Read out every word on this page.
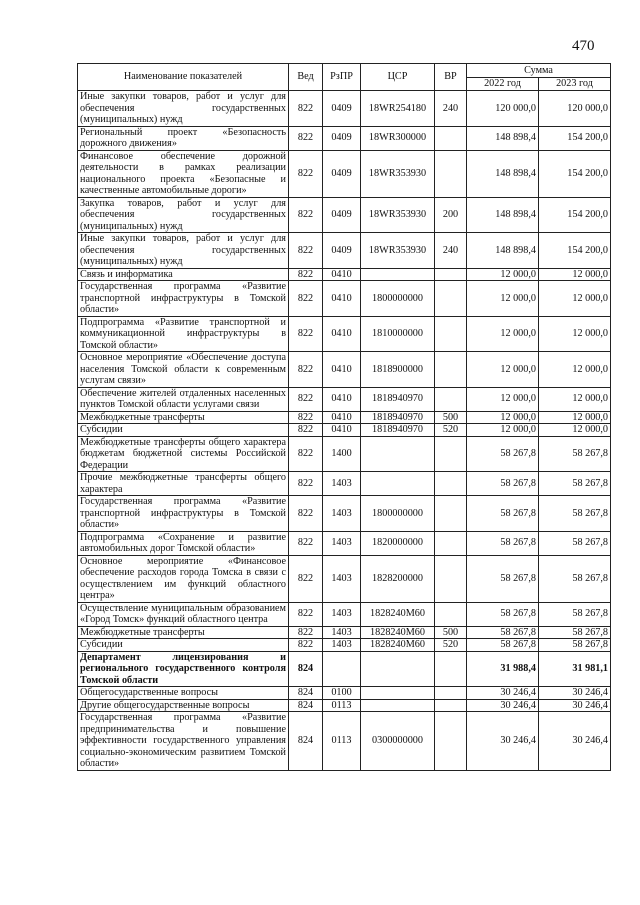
470
Наименование показателей	Вед	РзПР	ЦСР	ВР	Сумма	
					2022 год	2023 год
Иные закупки товаров, работ и услуг для обеспечения государственных (муниципальных) нужд	822	0409	18WR254180	240	120 000,0	120 000,0
Региональный проект «Безопасность дорожного движения»	822	0409	18WR300000		148 898,4	154 200,0
Финансовое обеспечение дорожной деятельности в рамках реализации национального проекта «Безопасные и качественные автомобильные дороги»	822	0409	18WR353930		148 898,4	154 200,0
Закупка товаров, работ и услуг для обеспечения государственных (муниципальных) нужд	822	0409	18WR353930	200	148 898,4	154 200,0
Иные закупки товаров, работ и услуг для обеспечения государственных (муниципальных) нужд	822	0409	18WR353930	240	148 898,4	154 200,0
Связь и информатика	822	0410			12 000,0	12 000,0
Государственная программа «Развитие транспортной инфраструктуры в Томской области»	822	0410	1800000000		12 000,0	12 000,0
Подпрограмма «Развитие транспортной и коммуникационной инфраструктуры в Томской области»	822	0410	1810000000		12 000,0	12 000,0
Основное мероприятие «Обеспечение доступа населения Томской области к современным услугам связи»	822	0410	1818900000		12 000,0	12 000,0
Обеспечение жителей отдаленных населенных пунктов Томской области услугами связи	822	0410	1818940970		12 000,0	12 000,0
Межбюджетные трансферты	822	0410	1818940970	500	12 000,0	12 000,0
Субсидии	822	0410	1818940970	520	12 000,0	12 000,0
Межбюджетные трансферты общего характера бюджетам бюджетной системы Российской Федерации	822	1400			58 267,8	58 267,8
Прочие межбюджетные трансферты общего характера	822	1403			58 267,8	58 267,8
Государственная программа «Развитие транспортной инфраструктуры в Томской области»	822	1403	1800000000		58 267,8	58 267,8
Подпрограмма «Сохранение и развитие автомобильных дорог Томской области»	822	1403	1820000000		58 267,8	58 267,8
Основное мероприятие «Финансовое обеспечение расходов города Томска в связи с осуществлением им функций областного центра»	822	1403	1828200000		58 267,8	58 267,8
Осуществление муниципальным образованием «Город Томск» функций областного центра	822	1403	1828240М60		58 267,8	58 267,8
Межбюджетные трансферты	822	1403	1828240М60	500	58 267,8	58 267,8
Субсидии	822	1403	1828240М60	520	58 267,8	58 267,8
Департамент лицензирования и регионального государственного контроля Томской области	824				31 988,4	31 981,1
Общегосударственные вопросы	824	0100			30 246,4	30 246,4
Другие общегосударственные вопросы	824	0113			30 246,4	30 246,4
Государственная программа «Развитие предпринимательства и повышение эффективности государственного управления социально-экономическим развитием Томской области»	824	0113	0300000000		30 246,4	30 246,4
